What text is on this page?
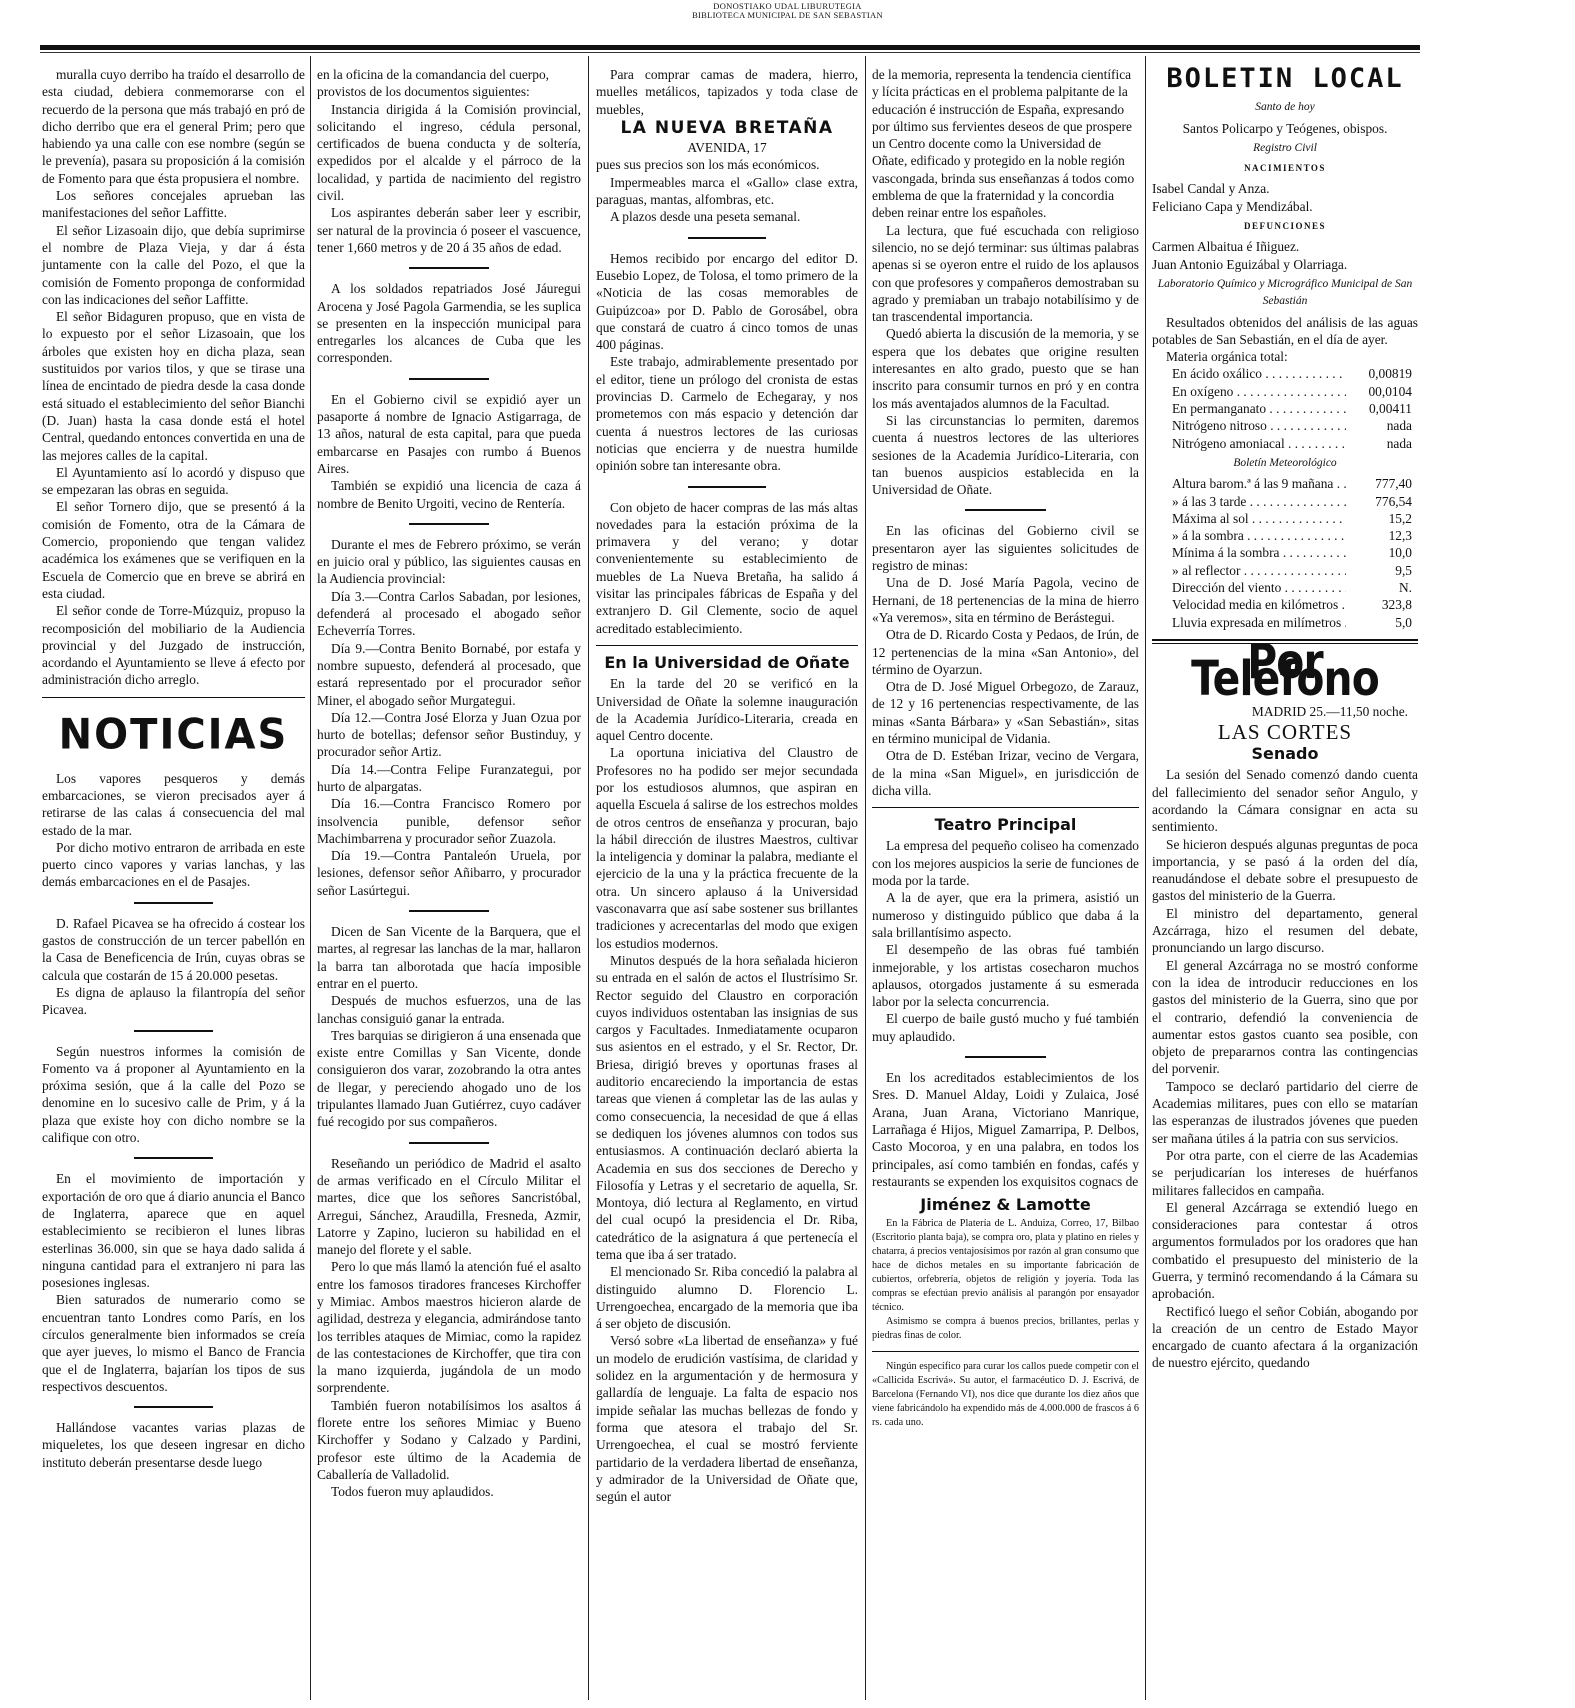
DONOSTIAKO UDAL LIBURUTEGIA
BIBLIOTECA MUNICIPAL DE SAN SEBASTIAN

muralla cuyo derribo ha traído el desarrollo de esta ciudad, debiera conmemorarse con el recuerdo de la persona que más trabajó en pró de dicho derribo que era el general Prim; pero que habiendo ya una calle con ese nombre (según se le prevenía), pasara su proposición á la comisión de Fomento para que ésta propusiera el nombre.

Los señores concejales aprueban las manifestaciones del señor Laffitte.

El señor Lizasoain dijo, que debía suprimirse el nombre de Plaza Vieja, y dar á ésta juntamente con la calle del Pozo, el que la comisión de Fomento proponga de conformidad con las indicaciones del señor Laffitte.

El señor Bidaguren propuso, que en vista de lo expuesto por el señor Lizasoain, que los árboles que existen hoy en dicha plaza, sean sustituidos por varios tilos, y que se tirase una línea de encintado de piedra desde la casa donde está situado el establecimiento del señor Bianchi (D. Juan) hasta la casa donde está el hotel Central, quedando entonces convertida en una de las mejores calles de la capital.

El Ayuntamiento así lo acordó y dispuso que se empezaran las obras en seguida.

El señor Tornero dijo, que se presentó á la comisión de Fomento, otra de la Cámara de Comercio, proponiendo que tengan validez académica los exámenes que se verifiquen en la Escuela de Comercio que en breve se abrirá en esta ciudad.

El señor conde de Torre-Múzquiz, propuso la recomposición del mobiliario de la Audiencia provincial y del Juzgado de instrucción, acordando el Ayuntamiento se lleve á efecto por administración dicho arreglo.

NOTICIAS

Los vapores pesqueros y demás embarcaciones, se vieron precisados ayer á retirarse de las calas á consecuencia del mal estado de la mar.

Por dicho motivo entraron de arribada en este puerto cinco vapores y varias lanchas, y las demás embarcaciones en el de Pasajes.

D. Rafael Picavea se ha ofrecido á costear los gastos de construcción de un tercer pabellón en la Casa de Beneficencia de Irún, cuyas obras se calcula que costarán de 15 á 20.000 pesetas.

Es digna de aplauso la filantropía del señor Picavea.

Según nuestros informes la comisión de Fomento va á proponer al Ayuntamiento en la próxima sesión, que á la calle del Pozo se denomine en lo sucesivo calle de Prim, y á la plaza que existe hoy con dicho nombre se la califique con otro.

En el movimiento de importación y exportación de oro que á diario anuncia el Banco de Inglaterra, aparece que en aquel establecimiento se recibieron el lunes libras esterlinas 36.000, sin que se haya dado salida á ninguna cantidad para el extranjero ni para las posesiones inglesas.

Bien saturados de numerario como se encuentran tanto Londres como París, en los círculos generalmente bien informados se creía que ayer jueves, lo mismo el Banco de Francia que el de Inglaterra, bajarían los tipos de sus respectivos descuentos.

Hallándose vacantes varias plazas de miqueletes, los que deseen ingresar en dicho instituto deberán presentarse desde luego

en la oficina de la comandancia del cuerpo, provistos de los documentos siguientes:

Instancia dirigida á la Comisión provincial, solicitando el ingreso, cédula personal, certificados de buena conducta y de soltería, expedidos por el alcalde y el párroco de la localidad, y partida de nacimiento del registro civil.

Los aspirantes deberán saber leer y escribir, ser natural de la provincia ó poseer el vascuence, tener 1,660 metros y de 20 á 35 años de edad.

A los soldados repatriados José Jáuregui Arocena y José Pagola Garmendia, se les suplica se presenten en la inspección municipal para entregarles los alcances de Cuba que les corresponden.

En el Gobierno civil se expidió ayer un pasaporte á nombre de Ignacio Astigarraga, de 13 años, natural de esta capital, para que pueda embarcarse en Pasajes con rumbo á Buenos Aires.

También se expidió una licencia de caza á nombre de Benito Urgoiti, vecino de Rentería.

Durante el mes de Febrero próximo, se verán en juicio oral y público, las siguientes causas en la Audiencia provincial:

Día 3.—Contra Carlos Sabadan, por lesiones, defenderá al procesado el abogado señor Echeverría Torres.

Día 9.—Contra Benito Bornabé, por estafa y nombre supuesto, defenderá al procesado, que estará representado por el procurador señor Miner, el abogado señor Murgategui.

Día 12.—Contra José Elorza y Juan Ozua por hurto de botellas; defensor señor Bustinduy, y procurador señor Artiz.

Día 14.—Contra Felipe Furanzategui, por hurto de alpargatas.

Día 16.—Contra Francisco Romero por insolvencia punible, defensor señor Machimbarrena y procurador señor Zuazola.

Día 19.—Contra Pantaleón Uruela, por lesiones, defensor señor Añibarro, y procurador señor Lasúrtegui.

Dicen de San Vicente de la Barquera, que el martes, al regresar las lanchas de la mar, hallaron la barra tan alborotada que hacía imposible entrar en el puerto.

Después de muchos esfuerzos, una de las lanchas consiguió ganar la entrada.

Tres barquias se dirigieron á una ensenada que existe entre Comillas y San Vicente, donde consiguieron dos varar, zozobrando la otra antes de llegar, y pereciendo ahogado uno de los tripulantes llamado Juan Gutiérrez, cuyo cadáver fué recogido por sus compañeros.

Reseñando un periódico de Madrid el asalto de armas verificado en el Círculo Militar el martes, dice que los señores Sancristóbal, Arregui, Sánchez, Araudilla, Fresneda, Azmir, Latorre y Zapino, lucieron su habilidad en el manejo del florete y el sable.

Pero lo que más llamó la atención fué el asalto entre los famosos tiradores franceses Kirchoffer y Mimiac. Ambos maestros hicieron alarde de agilidad, destreza y elegancia, admirándose tanto los terribles ataques de Mimiac, como la rapidez de las contestaciones de Kirchoffer, que tira con la mano izquierda, jugándola de un modo sorprendente.

También fueron notabilísimos los asaltos á florete entre los señores Mimiac y Bueno Kirchoffer y Sodano y Calzado y Pardini, profesor este último de la Academia de Caballería de Valladolid.

Todos fueron muy aplaudidos.

Para comprar camas de madera, hierro, muelles metálicos, tapizados y toda clase de muebles,

LA NUEVA BRETAÑA
AVENIDA, 17

pues sus precios son los más económicos.

Impermeables marca el «Gallo» clase extra, paraguas, mantas, alfombras, etc.

A plazos desde una peseta semanal.

Hemos recibido por encargo del editor D. Eusebio Lopez, de Tolosa, el tomo primero de la «Noticia de las cosas memorables de Guipúzcoa» por D. Pablo de Gorosábel, obra que constará de cuatro á cinco tomos de unas 400 páginas.

Este trabajo, admirablemente presentado por el editor, tiene un prólogo del cronista de estas provincias D. Carmelo de Echegaray, y nos prometemos con más espacio y detención dar cuenta á nuestros lectores de las curiosas noticias que encierra y de nuestra humilde opinión sobre tan interesante obra.

Con objeto de hacer compras de las más altas novedades para la estación próxima de la primavera y del verano; y dotar convenientemente su establecimiento de muebles de La Nueva Bretaña, ha salido á visitar las principales fábricas de España y del extranjero D. Gil Clemente, socio de aquel acreditado establecimiento.

En la Universidad de Oñate

En la tarde del 20 se verificó en la Universidad de Oñate la solemne inauguración de la Academia Jurídico-Literaria, creada en aquel Centro docente.

La oportuna iniciativa del Claustro de Profesores no ha podido ser mejor secundada por los estudiosos alumnos, que aspiran en aquella Escuela á salirse de los estrechos moldes de otros centros de enseñanza y procuran, bajo la hábil dirección de ilustres Maestros, cultivar la inteligencia y dominar la palabra, mediante el ejercicio de la una y la práctica frecuente de la otra. Un sincero aplauso á la Universidad vasconavarra que así sabe sostener sus brillantes tradiciones y acrecentarlas del modo que exigen los estudios modernos.

Minutos después de la hora señalada hicieron su entrada en el salón de actos el Ilustrísimo Sr. Rector seguido del Claustro en corporación cuyos individuos ostentaban las insignias de sus cargos y Facultades. Inmediatamente ocuparon sus asientos en el estrado, y el Sr. Rector, Dr. Briesa, dirigió breves y oportunas frases al auditorio encareciendo la importancia de estas tareas que vienen á completar las de las aulas y como consecuencia, la necesidad de que á ellas se dediquen los jóvenes alumnos con todos sus entusiasmos. A continuación declaró abierta la Academia en sus dos secciones de Derecho y Filosofía y Letras y el secretario de aquella, Sr. Montoya, dió lectura al Reglamento, en virtud del cual ocupó la presidencia el Dr. Riba, catedrático de la asignatura á que pertenecía el tema que iba á ser tratado.

El mencionado Sr. Riba concedió la palabra al distinguido alumno D. Florencio L. Urrengoechea, encargado de la memoria que iba á ser objeto de discusión.

Versó sobre «La libertad de enseñanza» y fué un modelo de erudición vastísima, de claridad y solidez en la argumentación y de hermosura y gallardía de lenguaje. La falta de espacio nos impide señalar las muchas bellezas de fondo y forma que atesora el trabajo del Sr. Urrengoechea, el cual se mostró ferviente partidario de la verdadera libertad de enseñanza, y admirador de la Universidad de Oñate que, según el autor

de la memoria, representa la tendencia científica y lícita prácticas en el problema palpitante de la educación é instrucción de España, expresando por último sus fervientes deseos de que prospere un Centro docente como la Universidad de Oñate, edificado y protegido en la noble región vascongada, brinda sus enseñanzas á todos como emblema de que la fraternidad y la concordia deben reinar entre los españoles.

La lectura, que fué escuchada con religioso silencio, no se dejó terminar: sus últimas palabras apenas si se oyeron entre el ruido de los aplausos con que profesores y compañeros demostraban su agrado y premiaban un trabajo notabilísimo y de tan trascendental importancia.

Quedó abierta la discusión de la memoria, y se espera que los debates que origine resulten interesantes en alto grado, puesto que se han inscrito para consumir turnos en pró y en contra los más aventajados alumnos de la Facultad.

Si las circunstancias lo permiten, daremos cuenta á nuestros lectores de las ulteriores sesiones de la Academia Jurídico-Literaria, con tan buenos auspicios establecida en la Universidad de Oñate.

En las oficinas del Gobierno civil se presentaron ayer las siguientes solicitudes de registro de minas:

Una de D. José María Pagola, vecino de Hernani, de 18 pertenencias de la mina de hierro «Ya veremos», sita en término de Berástegui.

Otra de D. Ricardo Costa y Pedaos, de Irún, de 12 pertenencias de la mina «San Antonio», del término de Oyarzun.

Otra de D. José Miguel Orbegozo, de Zarauz, de 12 y 16 pertenencias respectivamente, de las minas «Santa Bárbara» y «San Sebastián», sitas en término municipal de Vidania.

Otra de D. Estéban Irizar, vecino de Vergara, de la mina «San Miguel», en jurisdicción de dicha villa.

Teatro Principal

La empresa del pequeño coliseo ha comenzado con los mejores auspicios la serie de funciones de moda por la tarde.

A la de ayer, que era la primera, asistió un numeroso y distinguido público que daba á la sala brillantísimo aspecto.

El desempeño de las obras fué también inmejorable, y los artistas cosecharon muchos aplausos, otorgados justamente á su esmerada labor por la selecta concurrencia.

El cuerpo de baile gustó mucho y fué también muy aplaudido.

En los acreditados establecimientos de los Sres. D. Manuel Alday, Loidi y Zulaica, José Arana, Juan Arana, Victoriano Manrique, Larrañaga é Hijos, Miguel Zamarripa, P. Delbos, Casto Mocoroa, y en una palabra, en todos los principales, así como también en fondas, cafés y restaurants se expenden los exquisitos cognacs de

Jiménez & Lamotte

En la Fábrica de Platería de L. Anduiza, Correo, 17, Bilbao (Escritorio planta baja), se compra oro, plata y platino en rieles y chatarra, á precios ventajosísimos por razón al gran consumo que hace de dichos metales en su importante fabricación de cubiertos, orfebrería, objetos de religión y joyería. Toda las compras se efectúan previo análisis al parangón por ensayador técnico.

Asimismo se compra á buenos precios, brillantes, perlas y piedras finas de color.

Ningún específico para curar los callos puede competir con el «Callicida Escrivá». Su autor, el farmacéutico D. J. Escrivá, de Barcelona (Fernando VI), nos dice que durante los diez años que viene fabricándolo ha expendido más de 4.000.000 de frascos á 6 rs. cada uno.

BOLETIN LOCAL
Santo de hoy
Santos Policarpo y Teógenes, obispos.
Registro Civil
NACIMIENTOS

Isabel Candal y Anza.

Feliciano Capa y Mendizábal.

DEFUNCIONES

Carmen Albaitua é Iñiguez.

Juan Antonio Eguizábal y Olarriaga.

Laboratorio Químico y Micrográfico Municipal de San Sebastián

Resultados obtenidos del análisis de las aguas potables de San Sebastián, en el día de ayer.

Materia orgánica total:

En ácido oxálico . . .	0,00819
En oxígeno . . .	00,0104
En permanganato . . .	0,00411
Nitrógeno nitroso . . .	nada
Nitrógeno amoniacal . . .	nada
Boletín Meteorológico
Altura barom.ª á las 9 mañana . . .	777,40
» á las 3 tarde . . .	776,54
Máxima al sol . . .	15,2
» á la sombra . . .	12,3
Mínima á la sombra . . .	10,0
» al reflector . . .	9,5
Dirección del viento . . .	N.
Velocidad media en kilómetros . . .	323,8
Lluvia expresada en milímetros . . .	5,0
Por Teléfono
MADRID 25.—11,50 noche.
LAS CORTES
Senado

La sesión del Senado comenzó dando cuenta del fallecimiento del senador señor Angulo, y acordando la Cámara consignar en acta su sentimiento.

Se hicieron después algunas preguntas de poca importancia, y se pasó á la orden del día, reanudándose el debate sobre el presupuesto de gastos del ministerio de la Guerra.

El ministro del departamento, general Azcárraga, hizo el resumen del debate, pronunciando un largo discurso.

El general Azcárraga no se mostró conforme con la idea de introducir reducciones en los gastos del ministerio de la Guerra, sino que por el contrario, defendió la conveniencia de aumentar estos gastos cuanto sea posible, con objeto de prepararnos contra las contingencias del porvenir.

Tampoco se declaró partidario del cierre de Academias militares, pues con ello se matarían las esperanzas de ilustrados jóvenes que pueden ser mañana útiles á la patria con sus servicios.

Por otra parte, con el cierre de las Academias se perjudicarían los intereses de huérfanos militares fallecidos en campaña.

El general Azcárraga se extendió luego en consideraciones para contestar á otros argumentos formulados por los oradores que han combatido el presupuesto del ministerio de la Guerra, y terminó recomendando á la Cámara su aprobación.

Rectificó luego el señor Cobián, abogando por la creación de un centro de Estado Mayor encargado de cuanto afectara á la organización de nuestro ejército, quedando
